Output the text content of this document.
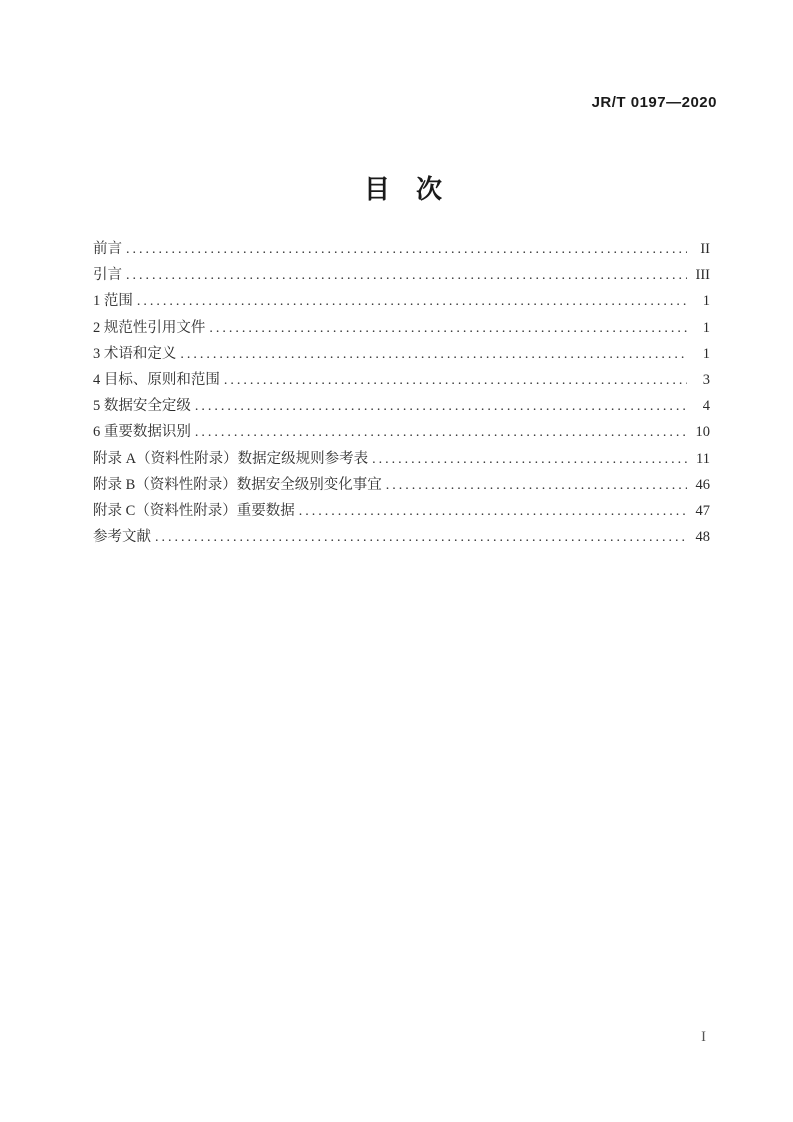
JR/T 0197—2020
目　次
前言 .....	II
引言 .....	III
1 范围 .....	1
2 规范性引用文件 .....	1
3 术语和定义 .....	1
4 目标、原则和范围 .....	3
5 数据安全定级 .....	4
6 重要数据识别 .....	10
附录 A（资料性附录）数据定级规则参考表 .....	11
附录 B（资料性附录）数据安全级别变化事宜 .....	46
附录 C（资料性附录）重要数据 .....	47
参考文献 .....	48
I
